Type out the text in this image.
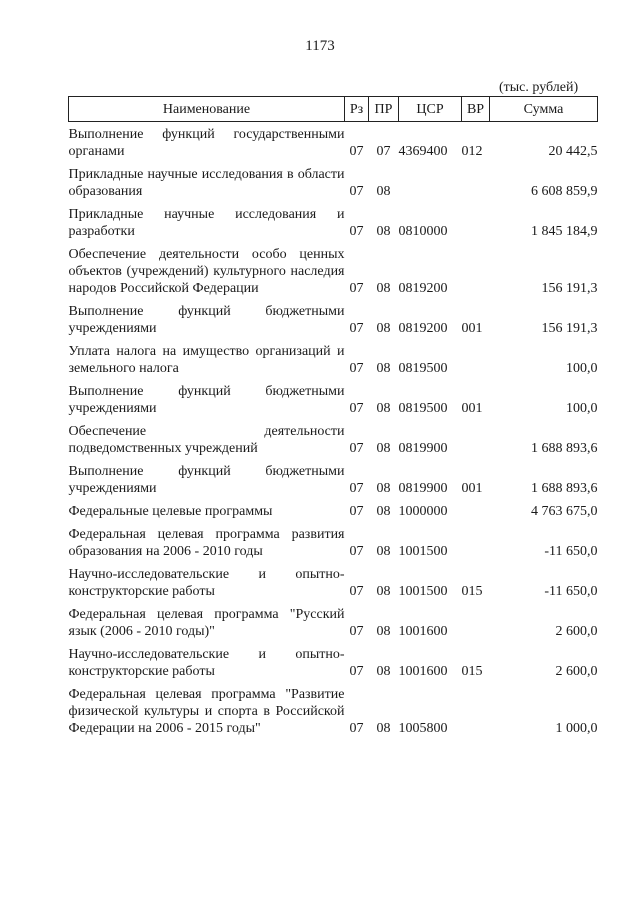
1173
(тыс. рублей)
Наименование	Рз	ПР	ЦСР	ВР	Сумма
Выполнение функций государственными органами	07	07	4369400	012	20 442,5
Прикладные научные исследования в области образования	07	08			6 608 859,9
Прикладные научные исследования и разработки	07	08	0810000		1 845 184,9
Обеспечение деятельности особо ценных объектов (учреждений) культурного наследия народов Российской Федерации	07	08	0819200		156 191,3
Выполнение функций бюджетными учреждениями	07	08	0819200	001	156 191,3
Уплата налога на имущество организаций и земельного налога	07	08	0819500		100,0
Выполнение функций бюджетными учреждениями	07	08	0819500	001	100,0
Обеспечение деятельности подведомственных учреждений	07	08	0819900		1 688 893,6
Выполнение функций бюджетными учреждениями	07	08	0819900	001	1 688 893,6
Федеральные целевые программы	07	08	1000000		4 763 675,0
Федеральная целевая программа развития образования на 2006 - 2010 годы	07	08	1001500		-11 650,0
Научно-исследовательские и опытно-конструкторские работы	07	08	1001500	015	-11 650,0
Федеральная целевая программа "Русский язык (2006 - 2010 годы)"	07	08	1001600		2 600,0
Научно-исследовательские и опытно-конструкторские работы	07	08	1001600	015	2 600,0
Федеральная целевая программа "Развитие физической культуры и спорта в Российской Федерации на 2006 - 2015 годы"	07	08	1005800		1 000,0
